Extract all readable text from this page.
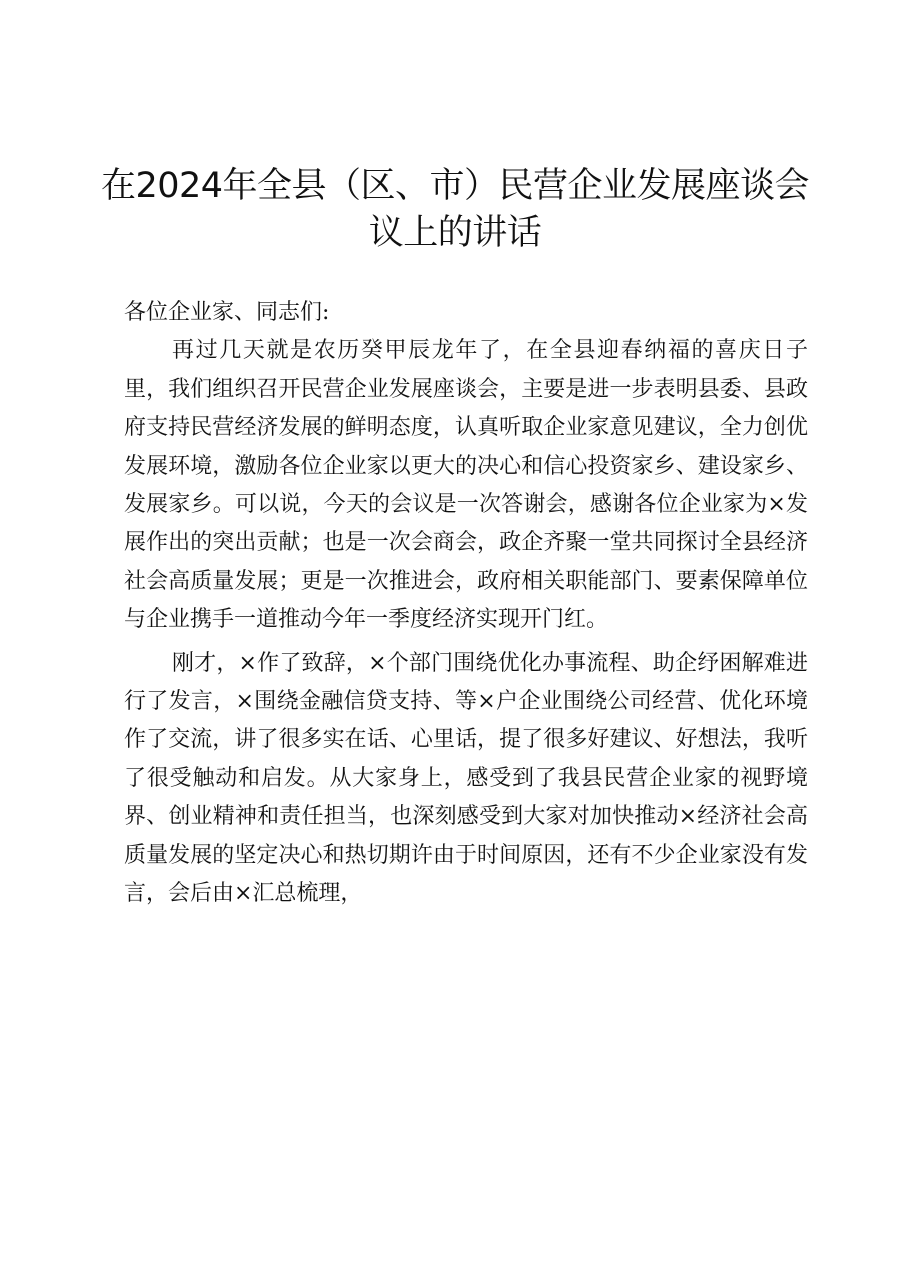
在2024年全县（区、市）民营企业发展座谈会
议上的讲话

各位企业家、同志们:

再过几天就是农历癸甲辰龙年了，在全县迎春纳福的喜庆日子里，我们组织召开民营企业发展座谈会，主要是进一步表明县委、县政府支持民营经济发展的鲜明态度，认真听取企业家意见建议，全力创优发展环境，激励各位企业家以更大的决心和信心投资家乡、建设家乡、发展家乡。可以说，今天的会议是一次答谢会，感谢各位企业家为×发展作出的突出贡献；也是一次会商会，政企齐聚一堂共同探讨全县经济社会高质量发展；更是一次推进会，政府相关职能部门、要素保障单位与企业携手一道推动今年一季度经济实现开门红。

刚才，×作了致辞，×个部门围绕优化办事流程、助企纾困解难进行了发言，×围绕金融信贷支持、等×户企业围绕公司经营、优化环境作了交流，讲了很多实在话、心里话，提了很多好建议、好想法，我听了很受触动和启发。从大家身上，感受到了我县民营企业家的视野境界、创业精神和责任担当，也深刻感受到大家对加快推动×经济社会高质量发展的坚定决心和热切期许由于时间原因，还有不少企业家没有发言，会后由×汇总梳理，
